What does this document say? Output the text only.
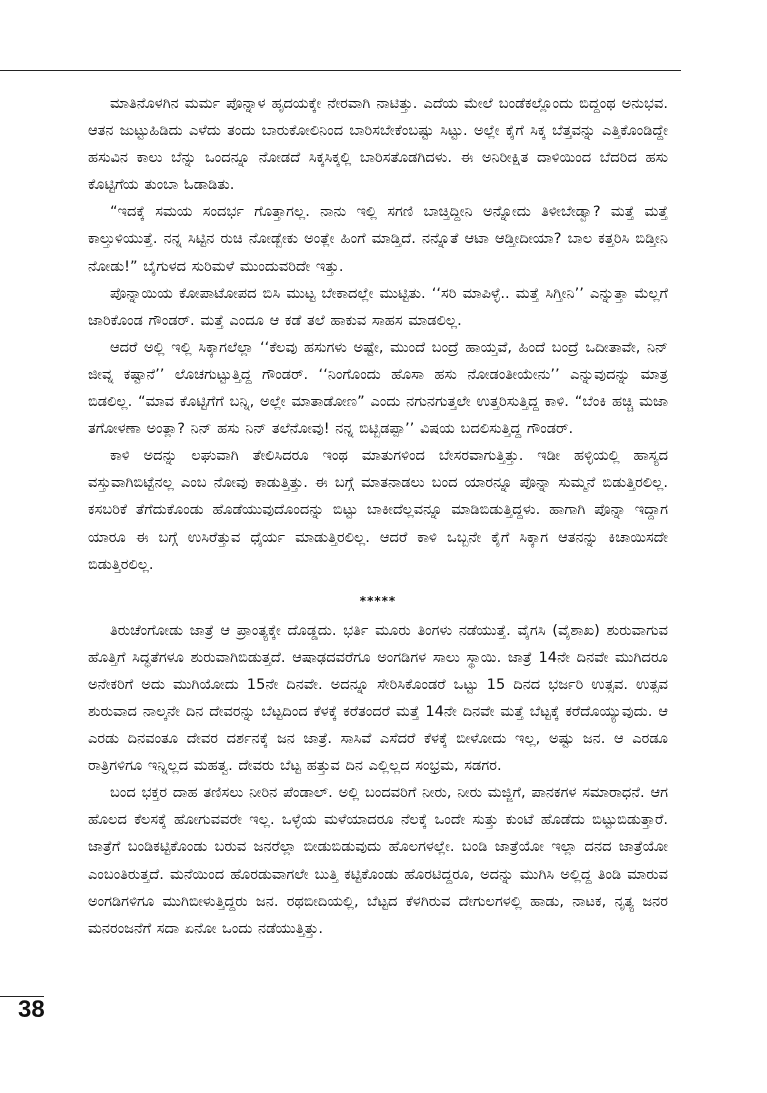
ಮಾತಿನೊಳಗಿನ ಮರ್ಮ ಪೊನ್ನಾಳ ಹೃದಯಕ್ಕೇ ನೇರವಾಗಿ ನಾಟಿತ್ತು. ಎದೆಯ ಮೇಲೆ ಬಂಡೆಕಲ್ಲೊಂದು ಬಿದ್ದಂಥ ಅನುಭವ. ಆತನ ಜುಟ್ಟುಹಿಡಿದು ಎಳೆದು ತಂದು ಬಾರುಕೋಲಿನಿಂದ ಬಾರಿಸಬೇಕೆಂಬಷ್ಟು ಸಿಟ್ಟು. ಅಲ್ಲೇ ಕೈಗೆ ಸಿಕ್ಕ ಬೆತ್ತವನ್ನು ಎತ್ತಿಕೊಂಡಿದ್ದೇ ಹಸುವಿನ ಕಾಲು ಬೆನ್ನು ಒಂದನ್ನೂ ನೋಡದೆ ಸಿಕ್ಕಸಿಕ್ಕಲ್ಲಿ ಬಾರಿಸತೊಡಗಿದಳು. ಈ ಅನಿರೀಕ್ಷಿತ ದಾಳಿಯಿಂದ ಬೆದರಿದ ಹಸು ಕೊಟ್ಟಿಗೆಯ ತುಂಬಾ ಓಡಾಡಿತು.

“ಇದಕ್ಕೆ ಸಮಯ ಸಂದರ್ಭ ಗೊತ್ತಾಗಲ್ಲ. ನಾನು ಇಲ್ಲಿ ಸಗಣಿ ಬಾಚ್ತಿದ್ದೀನಿ ಅನ್ನೋದು ತಿಳೀಬೇಡ್ವಾ? ಮತ್ತೆ ಮತ್ತೆ ಕಾಲ್ತುಳಿಯುತ್ತೆ. ನನ್ನ ಸಿಟ್ಟಿನ ರುಚಿ ನೋಡ್ಬೇಕು ಅಂತ್ಲೇ ಹಿಂಗೆ ಮಾಡ್ತಿದೆ. ನನ್ನೊತೆ ಆಟಾ ಆಡ್ತೀದೀಯಾ? ಬಾಲ ಕತ್ತರಿಸಿ ಬಿಡ್ತೀನಿ ನೋಡು!” ಬೈಗುಳದ ಸುರಿಮಳೆ ಮುಂದುವರಿದೇ ಇತ್ತು.

ಪೊನ್ನಾಯಿಯ ಕೋಪಾಟೋಪದ ಬಿಸಿ ಮುಟ್ಟ ಬೇಕಾದಲ್ಲೇ ಮುಟ್ಟಿತು. ‘‘ಸರಿ ಮಾಪಿಳ್ಳೆ.. ಮತ್ತೆ ಸಿಗ್ತೀನಿ’’ ಎನ್ನುತ್ತಾ ಮೆಲ್ಲಗೆ ಜಾರಿಕೊಂಡ ಗೌಂಡರ್. ಮತ್ತೆ ಎಂದೂ ಆ ಕಡೆ ತಲೆ ಹಾಕುವ ಸಾಹಸ ಮಾಡಲಿಲ್ಲ.

ಆದರೆ ಅಲ್ಲಿ ಇಲ್ಲಿ ಸಿಕ್ಕಾಗಲೆಲ್ಲಾ ‘‘ಕೆಲವು ಹಸುಗಳು ಅಷ್ಟೇ, ಮುಂದೆ ಬಂದ್ರೆ ಹಾಯ್ತವೆ, ಹಿಂದೆ ಬಂದ್ರೆ ಒದೀತಾವೇ, ನಿನ್ ಜೀವ್ನ ಕಷ್ಟಾನೆ’’ ಲೊಚಗುಟ್ಟುತ್ತಿದ್ದ ಗೌಂಡರ್. ‘‘ನಿಂಗೊಂದು ಹೊಸಾ ಹಸು ನೋಡಂತೀಯೇನು’’ ಎನ್ನುವುದನ್ನು ಮಾತ್ರ ಬಿಡಲಿಲ್ಲ. “ಮಾವ ಕೊಟ್ಟಿಗೆಗೆ ಬನ್ನಿ, ಅಲ್ಲೇ ಮಾತಾಡೋಣ” ಎಂದು ನಗುನಗುತ್ತಲೇ ಉತ್ತರಿಸುತ್ತಿದ್ದ ಕಾಳಿ. “ಬೆಂಕಿ ಹಚ್ಚಿ ಮಜಾ ತಗೋಳಣಾ ಅಂತ್ಲಾ? ನಿನ್ ಹಸು ನಿನ್ ತಲೆನೋವು! ನನ್ನ ಬಿಟ್ಬಿಡಪ್ಪಾ’’ ವಿಷಯ ಬದಲಿಸುತ್ತಿದ್ದ ಗೌಂಡರ್.

ಕಾಳಿ ಅದನ್ನು ಲಘುವಾಗಿ ತೇಲಿಸಿದರೂ ಇಂಥ ಮಾತುಗಳಿಂದ ಬೇಸರವಾಗುತ್ತಿತ್ತು. ಇಡೀ ಹಳ್ಳಿಯಲ್ಲಿ ಹಾಸ್ಯದ ವಸ್ತುವಾಗಿಬಿಟ್ಟೆನಲ್ಲ ಎಂಬ ನೋವು ಕಾಡುತ್ತಿತ್ತು. ಈ ಬಗ್ಗೆ ಮಾತನಾಡಲು ಬಂದ ಯಾರನ್ನೂ ಪೊನ್ನಾ ಸುಮ್ಮನೆ ಬಿಡುತ್ತಿರಲಿಲ್ಲ. ಕಸಬರಿಕೆ ತೆಗೆದುಕೊಂಡು ಹೊಡೆಯುವುದೊಂದನ್ನು ಬಿಟ್ಟು ಬಾಕೀದೆಲ್ಲವನ್ನೂ ಮಾಡಿಬಿಡುತ್ತಿದ್ದಳು. ಹಾಗಾಗಿ ಪೊನ್ನಾ ಇದ್ದಾಗ ಯಾರೂ ಈ ಬಗ್ಗೆ ಉಸಿರೆತ್ತುವ ಧೈರ್ಯ ಮಾಡುತ್ತಿರಲಿಲ್ಲ. ಆದರೆ ಕಾಳಿ ಒಬ್ಬನೇ ಕೈಗೆ ಸಿಕ್ಕಾಗ ಆತನನ್ನು ಕಿಚಾಯಿಸದೇ ಬಿಡುತ್ತಿರಲಿಲ್ಲ.

*****

ತಿರುಚೆಂಗೋಡು ಜಾತ್ರೆ ಆ ಪ್ರಾಂತ್ಯಕ್ಕೇ ದೊಡ್ಡದು. ಭರ್ತಿ ಮೂರು ತಿಂಗಳು ನಡೆಯುತ್ತೆ. ವೈಗಸಿ (ವೈಶಾಖ) ಶುರುವಾಗುವ ಹೊತ್ತಿಗೆ ಸಿದ್ಧತೆಗಳೂ ಶುರುವಾಗಿಬಿಡುತ್ತದೆ. ಆಷಾಢದವರೆಗೂ ಅಂಗಡಿಗಳ ಸಾಲು ಸ್ಥಾಯಿ. ಜಾತ್ರೆ 14ನೇ ದಿನವೇ ಮುಗಿದರೂ ಅನೇಕರಿಗೆ ಅದು ಮುಗಿಯೋದು 15ನೇ ದಿನವೇ. ಅದನ್ನೂ ಸೇರಿಸಿಕೊಂಡರೆ ಒಟ್ಟು 15 ದಿನದ ಭರ್ಜರಿ ಉತ್ಸವ. ಉತ್ಸವ ಶುರುವಾದ ನಾಲ್ಕನೇ ದಿನ ದೇವರನ್ನು ಬೆಟ್ಟದಿಂದ ಕೆಳಕ್ಕೆ ಕರೆತಂದರೆ ಮತ್ತೆ 14ನೇ ದಿನವೇ ಮತ್ತೆ ಬೆಟ್ಟಕ್ಕೆ ಕರೆದೊಯ್ಯುವುದು. ಆ ಎರಡು ದಿನವಂತೂ ದೇವರ ದರ್ಶನಕ್ಕೆ ಜನ ಜಾತ್ರೆ. ಸಾಸಿವೆ ಎಸೆದರೆ ಕೆಳಕ್ಕೆ ಬೀಳೋದು ಇಲ್ಲ, ಅಷ್ಟು ಜನ. ಆ ಎರಡೂ ರಾತ್ರಿಗಳಿಗೂ ಇನ್ನಿಲ್ಲದ ಮಹತ್ವ. ದೇವರು ಬೆಟ್ಟ ಹತ್ತುವ ದಿನ ಎಲ್ಲಿಲ್ಲದ ಸಂಭ್ರಮ, ಸಡಗರ.

ಬಂದ ಭಕ್ತರ ದಾಹ ತಣಿಸಲು ನೀರಿನ ಪೆಂಡಾಲ್. ಅಲ್ಲಿ ಬಂದವರಿಗೆ ನೀರು, ನೀರು ಮಜ್ಜಿಗೆ, ಪಾನಕಗಳ ಸಮಾರಾಧನೆ. ಆಗ ಹೊಲದ ಕೆಲಸಕ್ಕೆ ಹೋಗುವವರೇ ಇಲ್ಲ. ಒಳ್ಳೆಯ ಮಳೆಯಾದರೂ ನೆಲಕ್ಕೆ ಒಂದೇ ಸುತ್ತು ಕುಂಟೆ ಹೊಡೆದು ಬಿಟ್ಟುಬಿಡುತ್ತಾರೆ. ಜಾತ್ರೆಗೆ ಬಂಡಿಕಟ್ಟಿಕೊಂಡು ಬರುವ ಜನರೆಲ್ಲಾ ಬೀಡುಬಿಡುವುದು ಹೊಲಗಳಲ್ಲೇ. ಬಂಡಿ ಜಾತ್ರೆಯೋ ಇಲ್ಲಾ ದನದ ಜಾತ್ರೆಯೋ ಎಂಬಂತಿರುತ್ತದೆ. ಮನೆಯಿಂದ ಹೊರಡುವಾಗಲೇ ಬುತ್ತಿ ಕಟ್ಟಿಕೊಂಡು ಹೊರಟಿದ್ದರೂ, ಅದನ್ನು ಮುಗಿಸಿ ಅಲ್ಲಿದ್ದ ತಿಂಡಿ ಮಾರುವ ಅಂಗಡಿಗಳಿಗೂ ಮುಗಿಬೀಳುತ್ತಿದ್ದರು ಜನ. ರಥಬೀದಿಯಲ್ಲಿ, ಬೆಟ್ಟದ ಕೆಳಗಿರುವ ದೇಗುಲಗಳಲ್ಲಿ ಹಾಡು, ನಾಟಕ, ನೃತ್ಯ ಜನರ ಮನರಂಜನೆಗೆ ಸದಾ ಏನೋ ಒಂದು ನಡೆಯುತ್ತಿತ್ತು.

38
